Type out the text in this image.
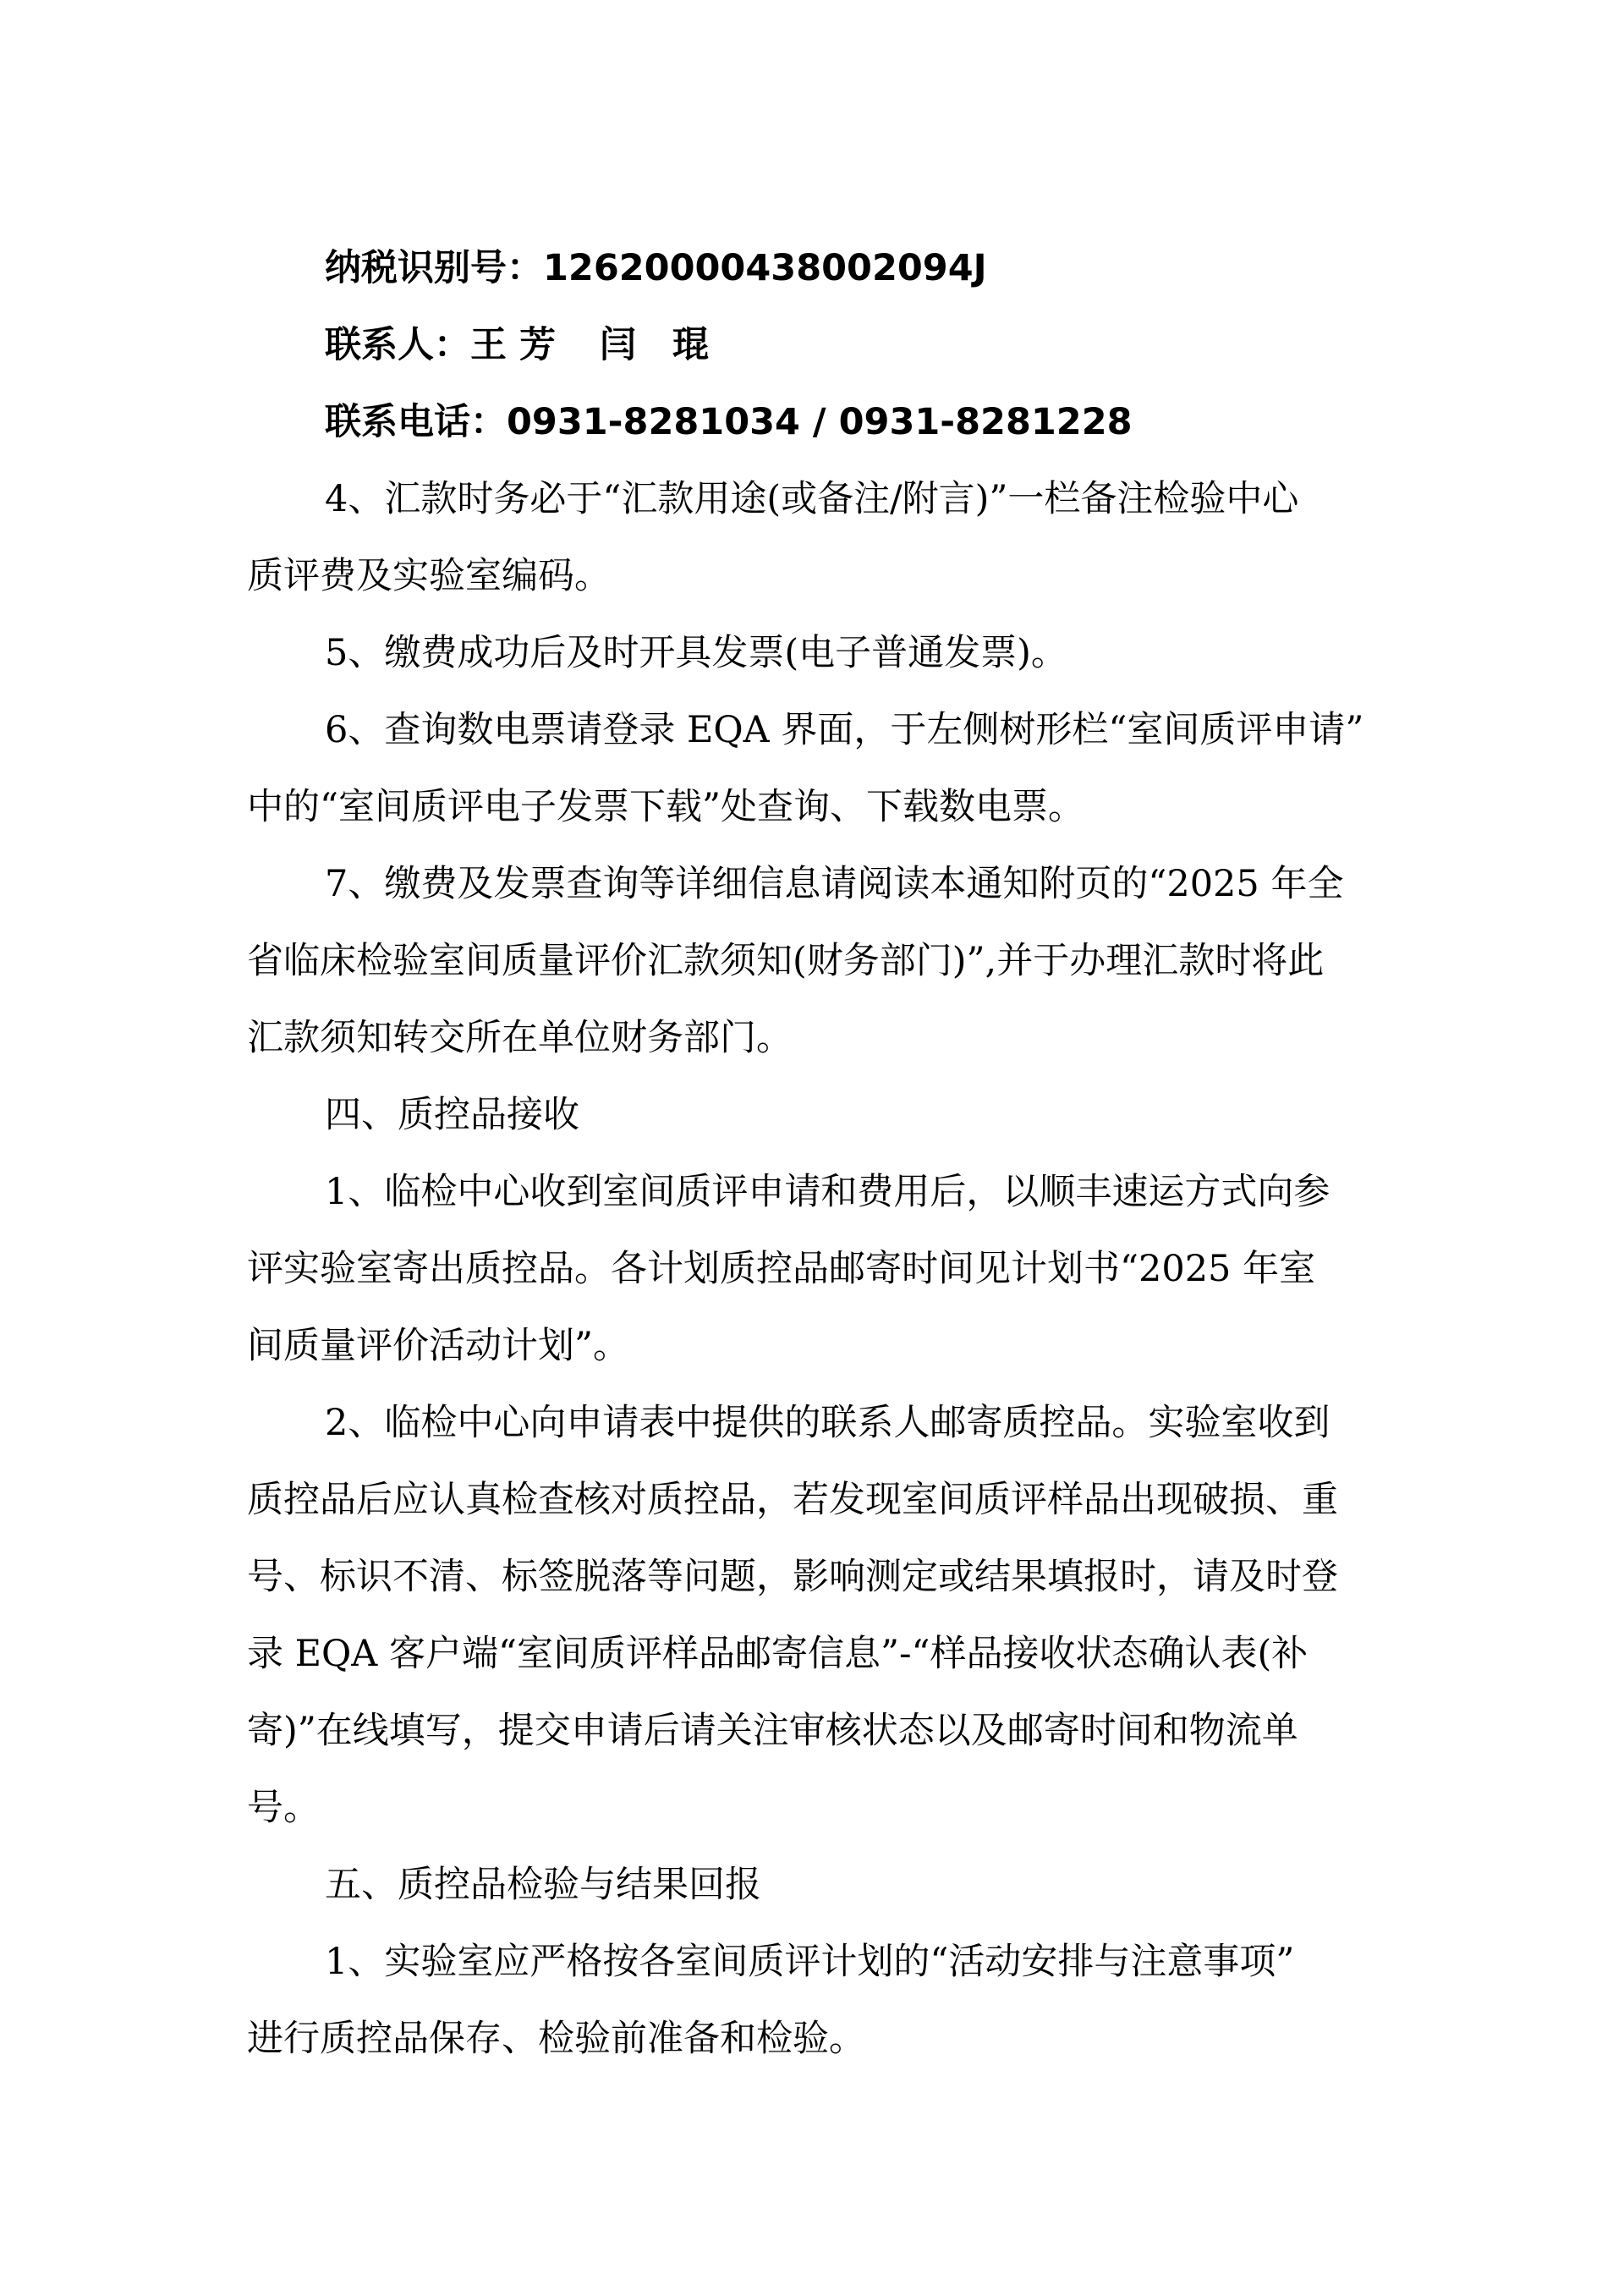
纳税识别号：12620000438002094J
联系人：王 芳 闫　琨
联系电话：0931-8281034 / 0931-8281228
4、汇款时务必于“汇款用途(或备注/附言)”一栏备注检验中心
质评费及实验室编码。
5、缴费成功后及时开具发票(电子普通发票)。
6、查询数电票请登录 EQA 界面，于左侧树形栏“室间质评申请”
中的“室间质评电子发票下载”处查询、下载数电票。
7、缴费及发票查询等详细信息请阅读本通知附页的“2025 年全
省临床检验室间质量评价汇款须知(财务部门)”,并于办理汇款时将此
汇款须知转交所在单位财务部门。
四、质控品接收
1、临检中心收到室间质评申请和费用后，以顺丰速运方式向参
评实验室寄出质控品。各计划质控品邮寄时间见计划书“2025 年室
间质量评价活动计划”。
2、临检中心向申请表中提供的联系人邮寄质控品。实验室收到
质控品后应认真检查核对质控品，若发现室间质评样品出现破损、重
号、标识不清、标签脱落等问题，影响测定或结果填报时，请及时登
录 EQA 客户端“室间质评样品邮寄信息”-“样品接收状态确认表(补
寄)”在线填写，提交申请后请关注审核状态以及邮寄时间和物流单
号。
五、质控品检验与结果回报
1、实验室应严格按各室间质评计划的“活动安排与注意事项”
进行质控品保存、检验前准备和检验。
